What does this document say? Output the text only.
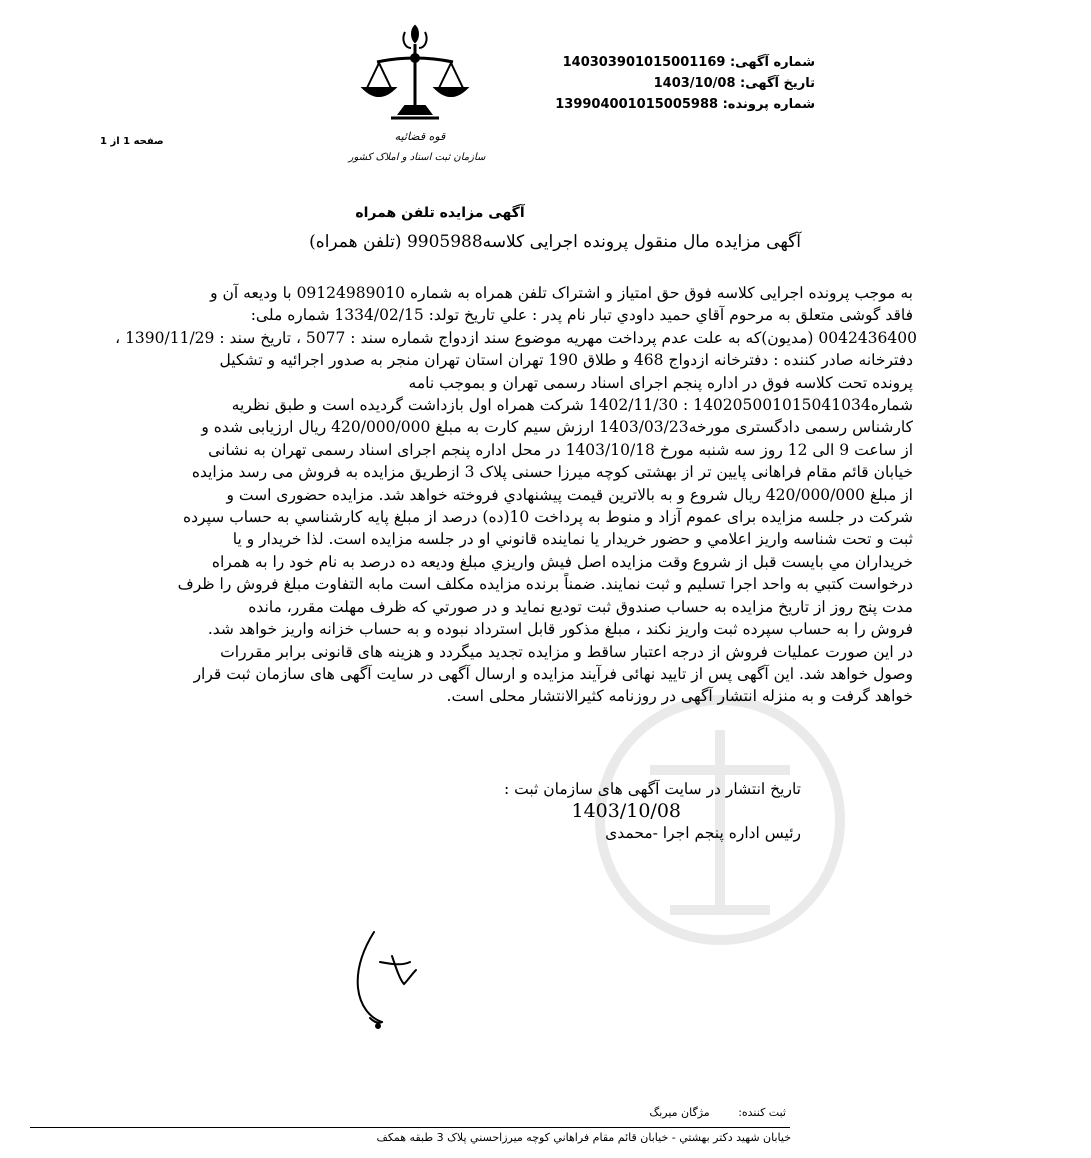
شماره آگهی: 140303901015001169
تاریخ آگهی: 1403/10/08
شماره پرونده: 139904001015005988
قوه قضائیه
سازمان ثبت اسناد و املاک کشور
صفحه 1 از 1
آگهی مزایده تلفن همراه
آگهی مزایده مال منقول پرونده اجرایی کلاسه9905988 (تلفن همراه)

به موجب پرونده اجرایی کلاسه فوق حق امتیاز و اشتراک تلفن همراه به شماره 09124989010 با ودیعه آن و

فاقد گوشی متعلق به مرحوم آقاي حميد داودي تبار نام پدر : علي تاريخ تولد: 1334/02/15 شماره ملی:

0042436400 (مدیون)که به علت عدم پرداخت مهریه موضوع سند ازدواج شماره سند : 5077 ، تاریخ سند : 1390/11/29 ،

دفترخانه صادر کننده : دفترخانه ازدواج 468 و طلاق 190 تهران استان تهران منجر به صدور اجرائیه و تشکیل

پرونده تحت کلاسه فوق در اداره پنجم اجرای اسناد رسمی تهران و بموجب نامه

شماره14020500101504103‌4 : 1402/11/30 شرکت همراه اول بازداشت گردیده است و طبق نظریه

کارشناس رسمی دادگستری مورخه1403/03/23 ارزش سیم کارت به مبلغ 420/000/000 ریال ارزیابی شده و

از ساعت 9 الی 12 روز سه شنبه مورخ 1403/10/18 در محل اداره پنجم اجرای اسناد رسمی تهران به نشانی

خیابان قائم مقام فراهانی پایین تر از بهشتی کوچه میرزا حسنی پلاک 3 ازطریق مزایده به فروش می رسد مزایده

از مبلغ 420/000/000 ریال شروع و به بالاترین قیمت پیشنهادي فروخته خواهد شد. مزایده حضوری است و

شرکت در جلسه مزایده برای عموم آزاد و منوط به پرداخت 10(ده) درصد از مبلغ پایه کارشناسي به حساب سپرده

ثبت و تحت شناسه واریز اعلامي و حضور خریدار یا نماینده قانوني او در جلسه مزایده است. لذا خریدار و یا

خریداران مي بایست قبل از شروع وقت مزایده اصل فیش واریزي مبلغ ودیعه ده درصد به نام خود را به همراه

درخواست کتبي به واحد اجرا تسلیم و ثبت نمایند. ضمناً برنده مزایده مکلف است مابه التفاوت مبلغ فروش را ظرف

مدت پنج روز از تاریخ مزایده به حساب صندوق ثبت تودیع نماید و در صورتي که ظرف مهلت مقرر، مانده

فروش را به حساب سپرده ثبت واریز نکند ، مبلغ مذکور قابل استرداد نبوده و به حساب خزانه واریز خواهد شد.

در این صورت عملیات فروش از درجه اعتبار ساقط و مزایده تجدید میگردد و هزینه های قانونی برابر مقررات

وصول خواهد شد. این آگهی پس از تایید نهائی فرآیند مزایده و ارسال آگهی در سایت آگهی های سازمان ثبت قرار

خواهد گرفت و به منزله انتشار آگهی در روزنامه کثیرالانتشار محلی است.

تاریخ انتشار در سایت آگهی های سازمان ثبت :
1403/10/08
رئیس اداره پنجم اجرا -محمدی
ثبت کننده: مژگان میربگ
خیابان شهید دکتر بهشتي - خیابان قائم مقام فراهاني کوچه میرزاحسني پلاک 3 طبقه همکف
